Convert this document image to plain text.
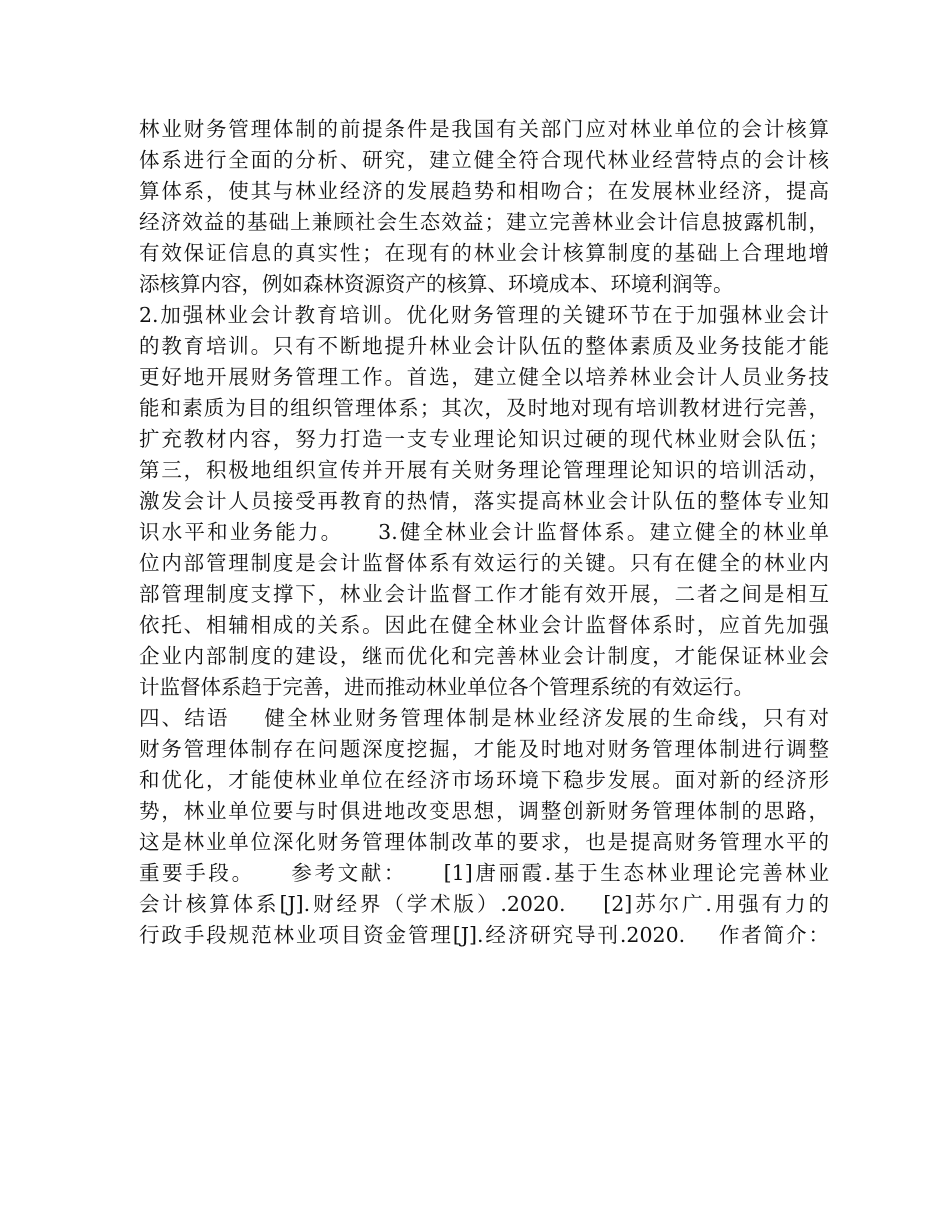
林业财务管理体制的前提条件是我国有关部门应对林业单位的会计核算
体系进行全面的分析、研究，建立健全符合现代林业经营特点的会计核
算体系，使其与林业经济的发展趋势和相吻合；在发展林业经济，提高
经济效益的基础上兼顾社会生态效益；建立完善林业会计信息披露机制，
有效保证信息的真实性；在现有的林业会计核算制度的基础上合理地增
添核算内容，例如森林资源资产的核算、环境成本、环境利润等。
2.加强林业会计教育培训。优化财务管理的关键环节在于加强林业会计
的教育培训。只有不断地提升林业会计队伍的整体素质及业务技能才能
更好地开展财务管理工作。首选，建立健全以培养林业会计人员业务技
能和素质为目的组织管理体系；其次，及时地对现有培训教材进行完善，
扩充教材内容，努力打造一支专业理论知识过硬的现代林业财会队伍；
第三，积极地组织宣传并开展有关财务理论管理理论知识的培训活动，
激发会计人员接受再教育的热情，落实提高林业会计队伍的整体专业知
识水平和业务能力。    3.健全林业会计监督体系。建立健全的林业单
位内部管理制度是会计监督体系有效运行的关键。只有在健全的林业内
部管理制度支撑下，林业会计监督工作才能有效开展，二者之间是相互
依托、相辅相成的关系。因此在健全林业会计监督体系时，应首先加强
企业内部制度的建设，继而优化和完善林业会计制度，才能保证林业会
计监督体系趋于完善，进而推动林业单位各个管理系统的有效运行。
四、结语    健全林业财务管理体制是林业经济发展的生命线，只有对
财务管理体制存在问题深度挖掘，才能及时地对财务管理体制进行调整
和优化，才能使林业单位在经济市场环境下稳步发展。面对新的经济形
势，林业单位要与时俱进地改变思想，调整创新财务管理体制的思路，
这是林业单位深化财务管理体制改革的要求，也是提高财务管理水平的
重要手段。    参考文献：    [1]唐丽霞.基于生态林业理论完善林业
会计核算体系[J].财经界（学术版）.2020.    [2]苏尔广.用强有力的
行政手段规范林业项目资金管理[J].经济研究导刊.2020.    作者简介：
